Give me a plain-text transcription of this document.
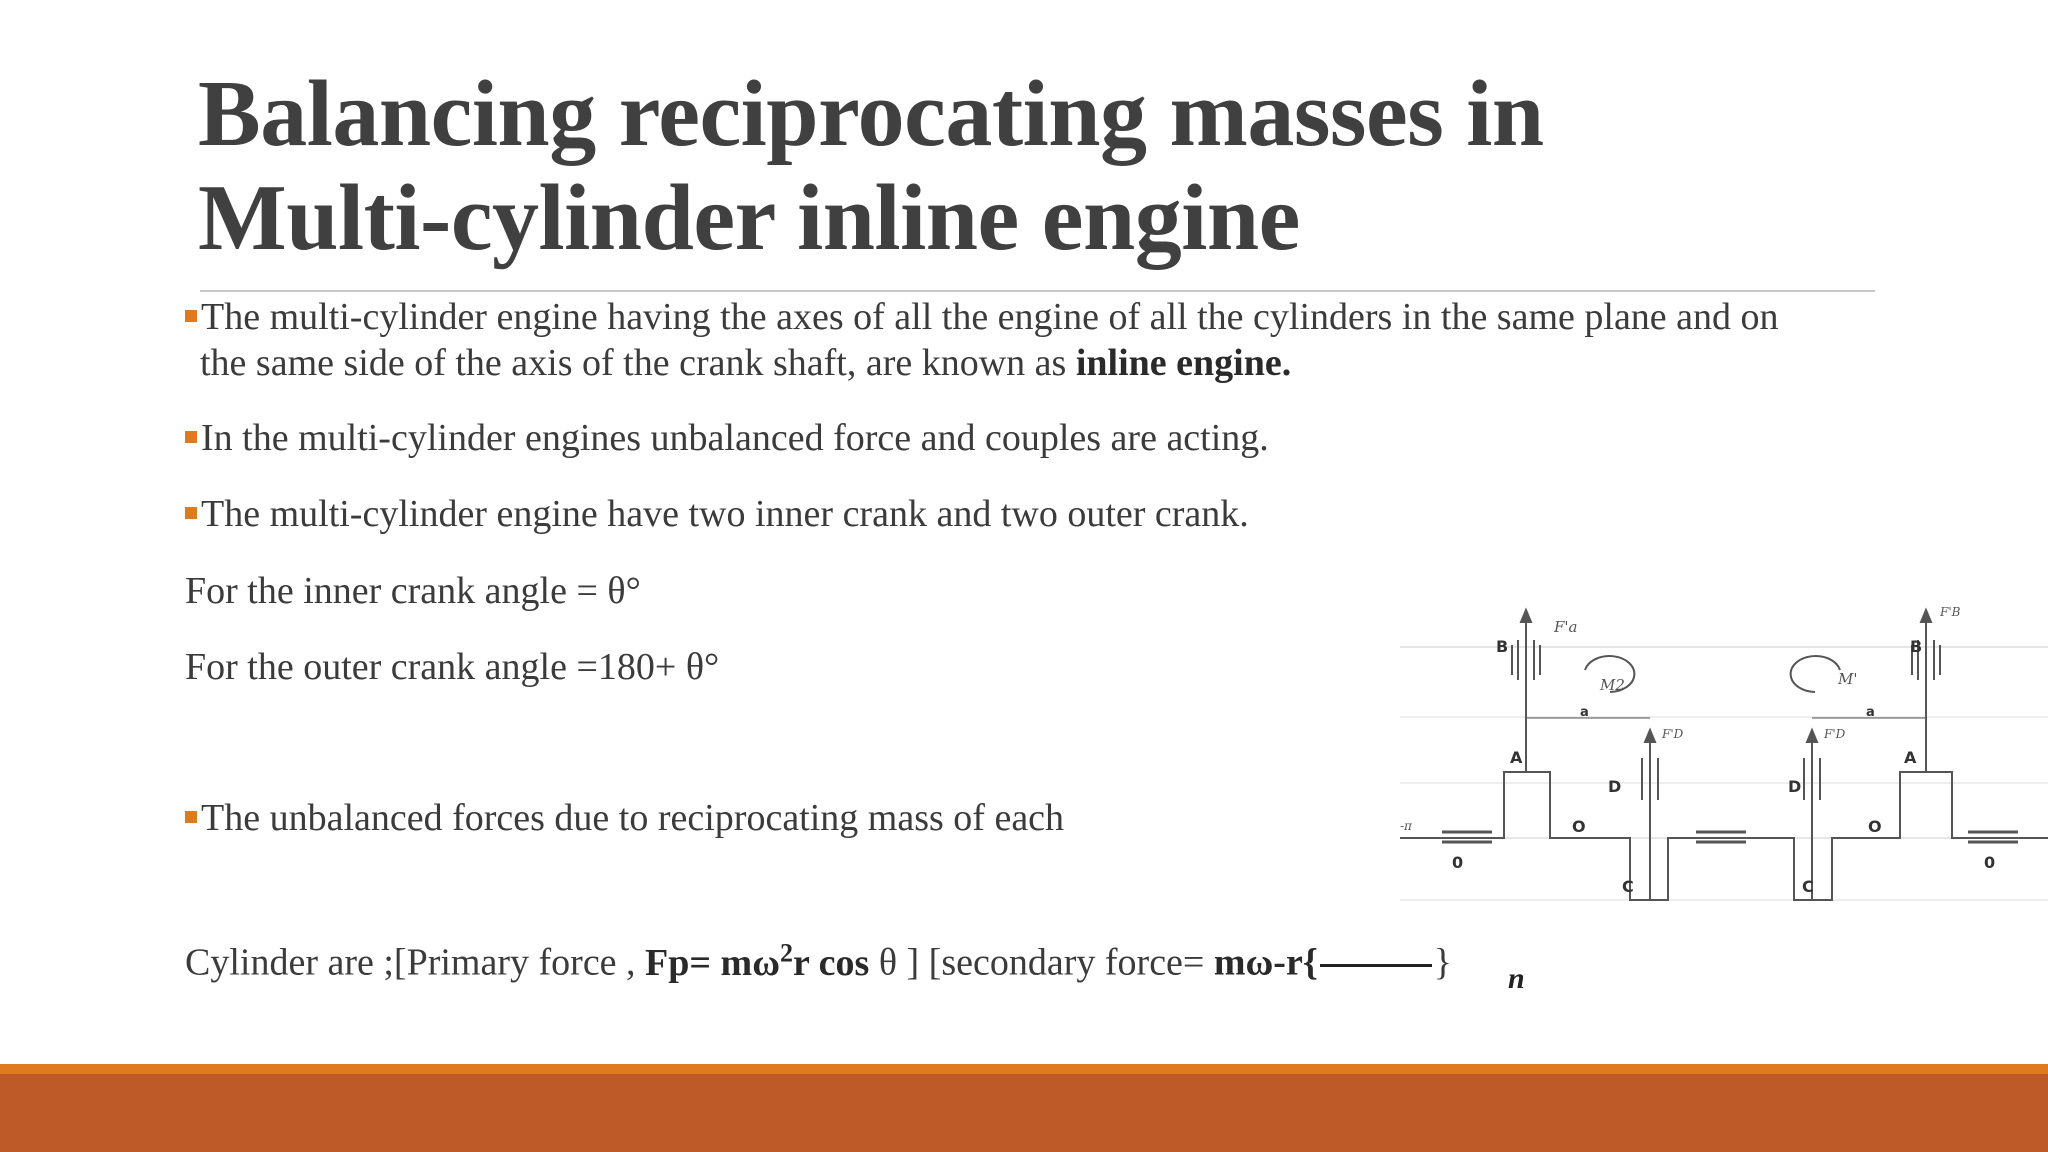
Balancing reciprocating masses in
Multi-cylinder inline engine
The multi-cylinder engine having the axes of all the engine of all the cylinders in the same plane and on
the same side of the axis of the crank shaft, are known as inline engine.
In the multi-cylinder engines unbalanced force and couples are acting.
The multi-cylinder engine have two inner crank and two outer crank.
For the inner crank angle = θ°
For the outer crank angle =180+ θ°
The unbalanced forces due to reciprocating mass of each
Cylinder are ;[Primary force , $Fp= m\omega^2r$ cos θ ] [secondary force= mω-r{	} n
B	B
A	A
D	D
C	C
O	O
0	0
a	a
F'a
F'B
F'D	F'D
M2	M'
-π
